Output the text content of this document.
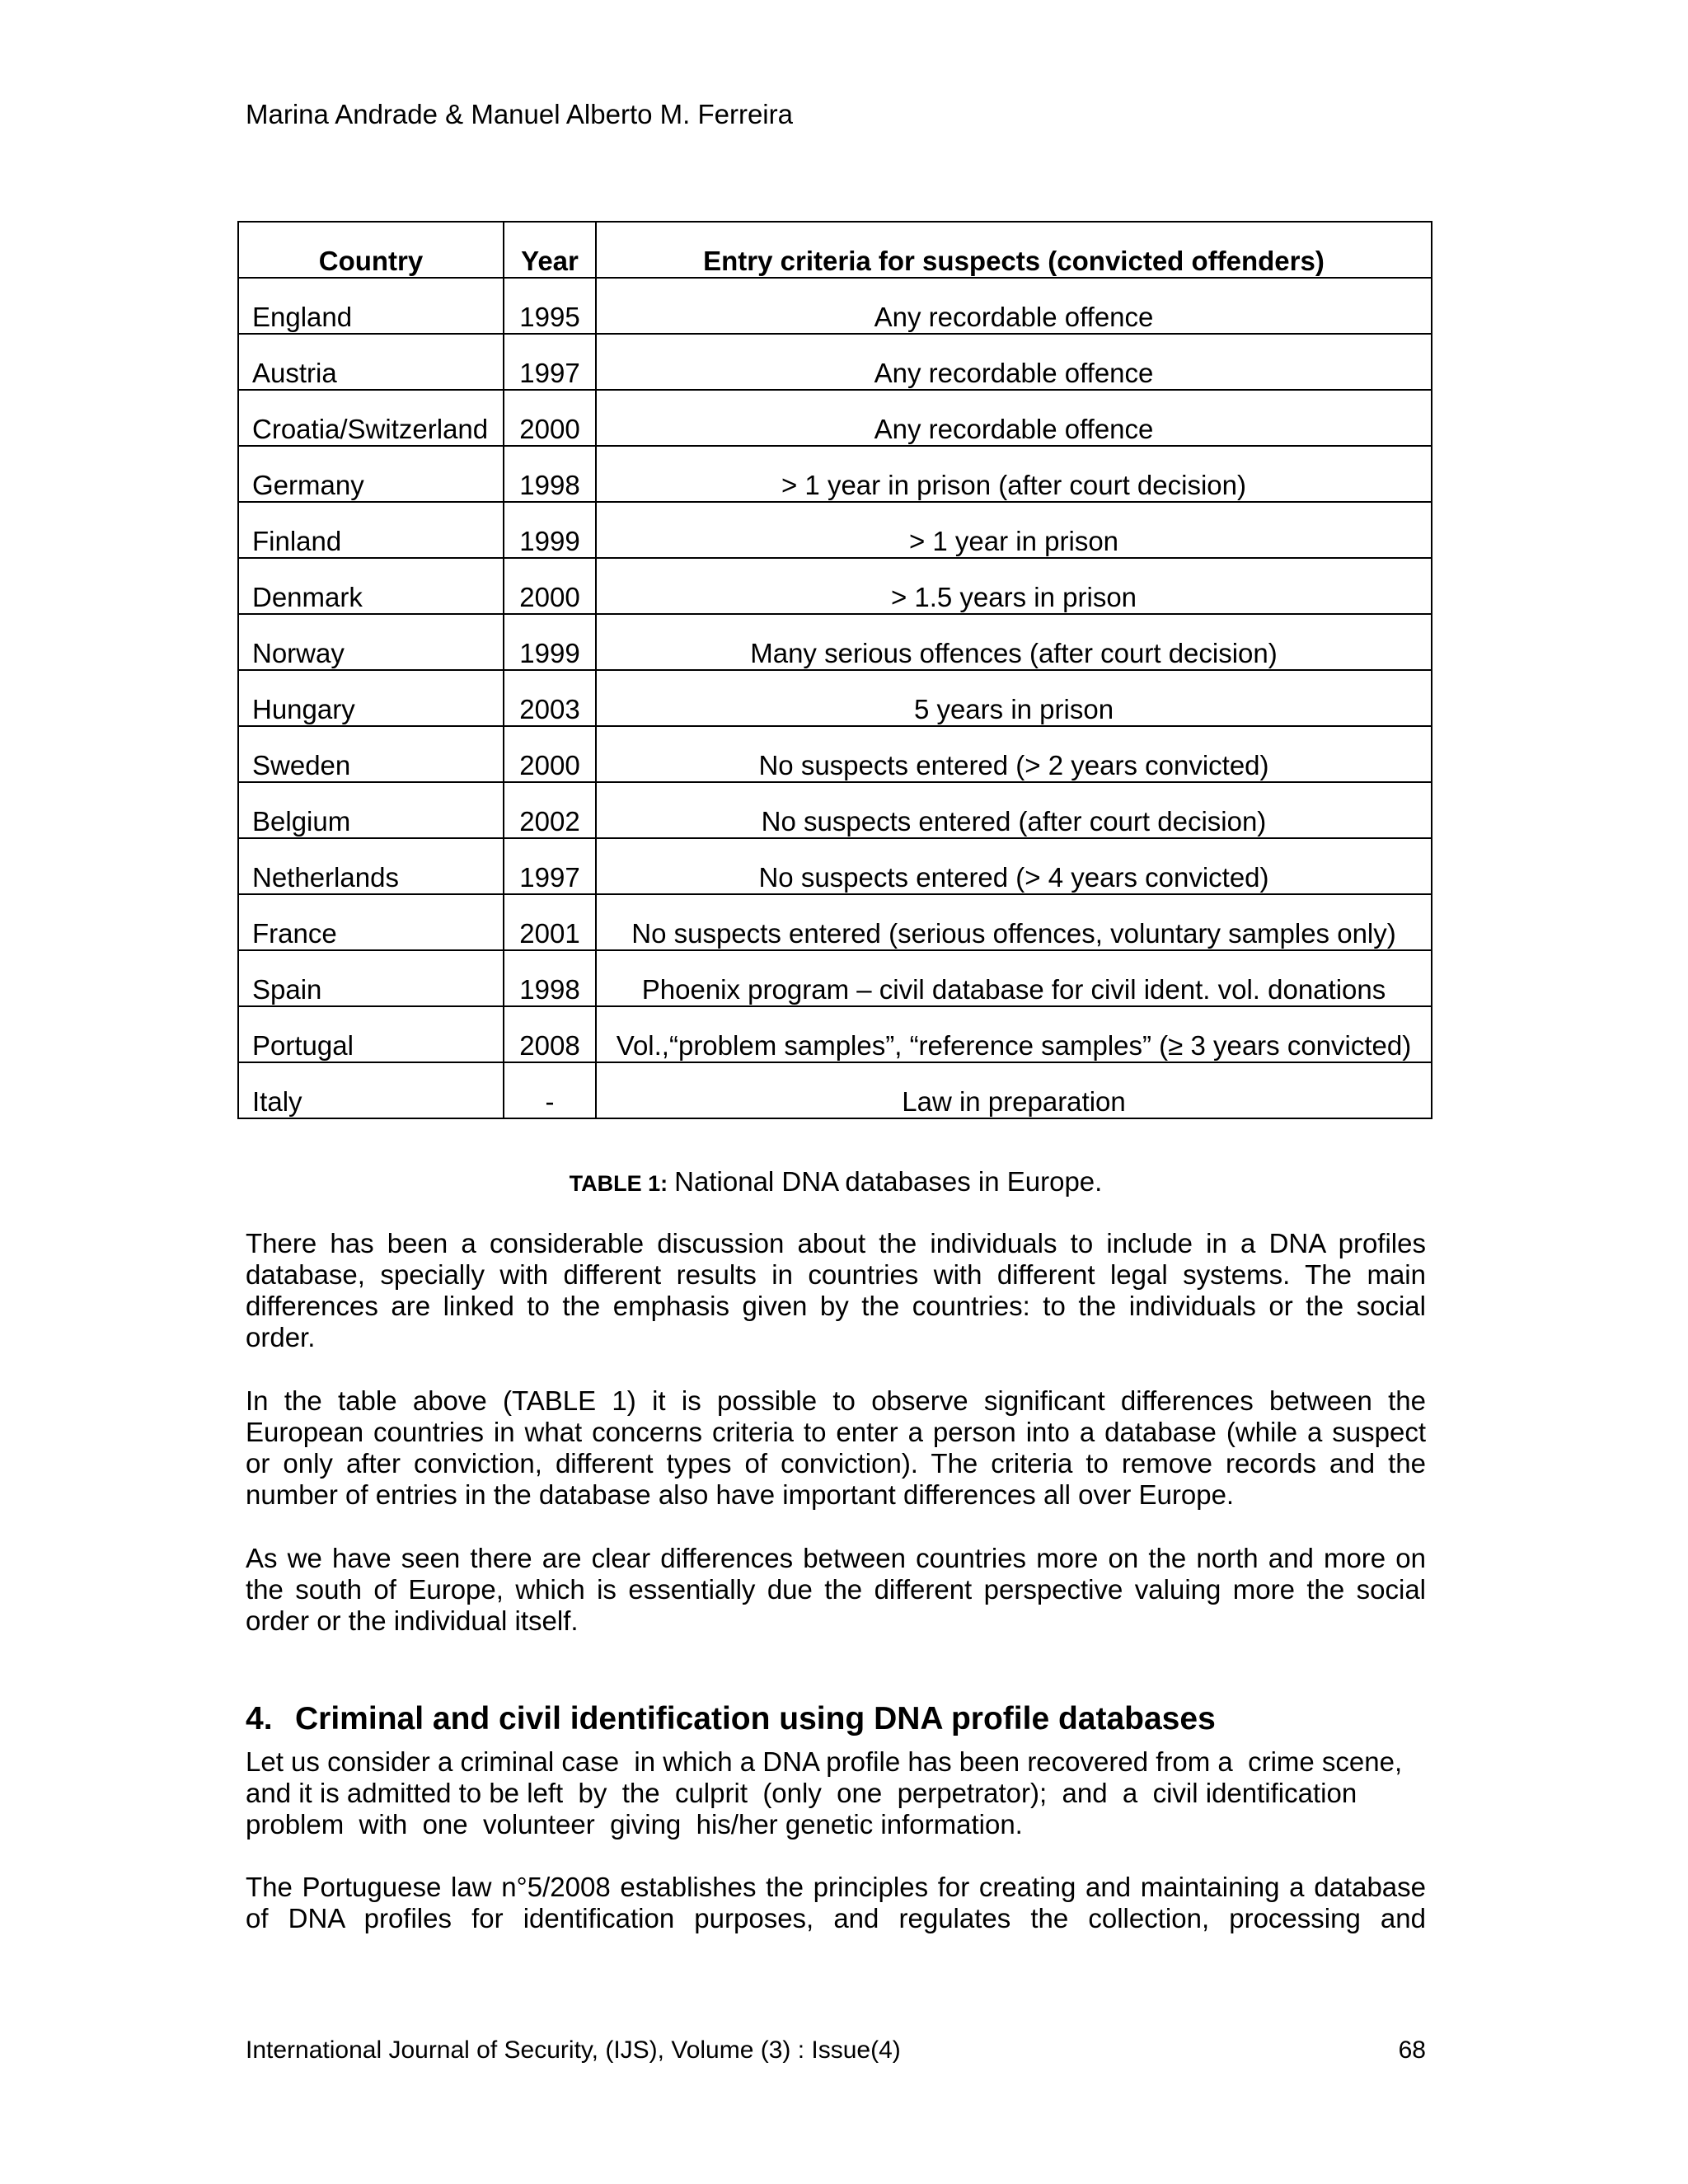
Marina Andrade & Manuel Alberto M. Ferreira
Country	Year	Entry criteria for suspects (convicted offenders)
England	1995	Any recordable offence
Austria	1997	Any recordable offence
Croatia/Switzerland	2000	Any recordable offence
Germany	1998	> 1 year in prison (after court decision)
Finland	1999	> 1 year in prison
Denmark	2000	> 1.5 years in prison
Norway	1999	Many serious offences (after court decision)
Hungary	2003	5 years in prison
Sweden	2000	No suspects entered (> 2 years convicted)
Belgium	2002	No suspects entered (after court decision)
Netherlands	1997	No suspects entered (> 4 years convicted)
France	2001	No suspects entered (serious offences, voluntary samples only)
Spain	1998	Phoenix program – civil database for civil ident. vol. donations
Portugal	2008	Vol.,“problem samples”, “reference samples” (≥ 3 years convicted)
Italy	-	Law in preparation
TABLE 1: National DNA databases in Europe.
There has been a considerable discussion about the individuals to include in a DNA profiles
database, specially with different results in countries with different legal systems. The main
differences are linked to the emphasis given by the countries: to the individuals or the social
order.
In the table above (TABLE 1) it is possible to observe significant differences between the
European countries in what concerns criteria to enter a person into a database (while a suspect
or only after conviction, different types of conviction). The criteria to remove records and the
number of entries in the database also have important differences all over Europe.
As we have seen there are clear differences between countries more on the north and more on
the south of Europe, which is essentially due the different perspective valuing more the social
order or the individual itself.
4. Criminal and civil identification using DNA profile databases
Let us consider a criminal case  in which a DNA profile has been recovered from a  crime scene,
and it is admitted to be left  by  the  culprit  (only  one  perpetrator);  and  a  civil identification
problem  with  one  volunteer  giving  his/her genetic information.
The Portuguese law n°5/2008 establishes the principles for creating and maintaining a database
of DNA profiles for identification purposes, and regulates the collection, processing and
International Journal of Security, (IJS), Volume (3) : Issue(4)	68
